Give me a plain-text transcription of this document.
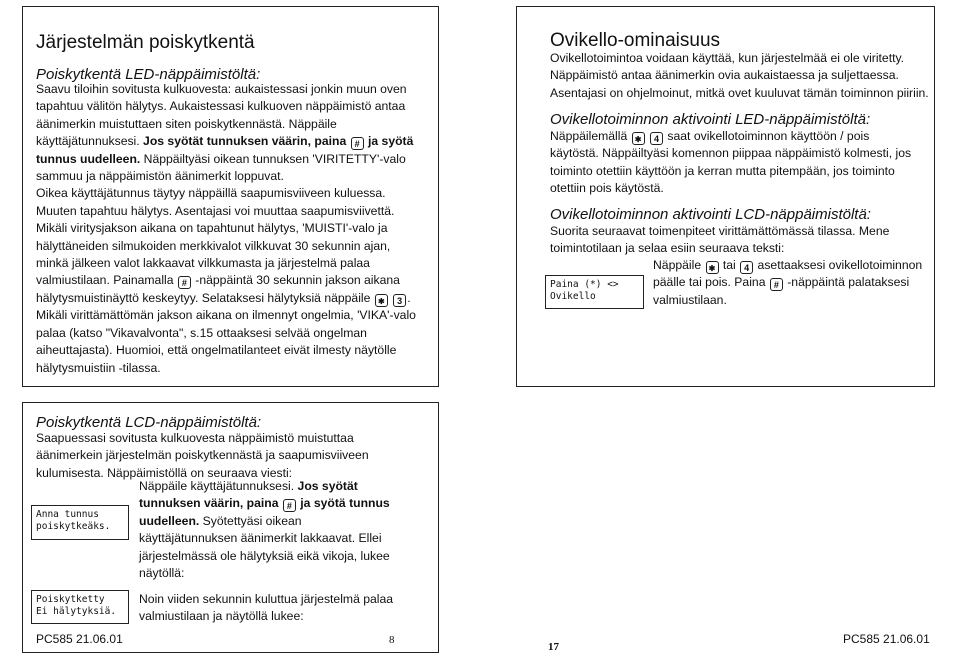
Järjestelmän poiskytkentä
Poiskytkentä LED-näppäimistöltä:
Saavu tiloihin sovitusta kulkuovesta: aukaistessasi jonkin muun oven tapahtuu välitön hälytys. Aukaistessasi kulkuoven näppäimistö antaa äänimerkin muistuttaen siten poiskytkennästä. Näppäile käyttäjätunnuksesi. Jos syötät tunnuksen väärin, paina # ja syötä tunnus uudelleen. Näppäiltyäsi oikean tunnuksen 'VIRITETTY'-valo sammuu ja näppäimistön äänimerkit loppuvat.
Oikea käyttäjätunnus täytyy näppäillä saapumisviiveen kuluessa. Muuten tapahtuu hälytys. Asentajasi voi muuttaa saapumisviivettä.
Mikäli viritysjakson aikana on tapahtunut hälytys, 'MUISTI'-valo ja hälyttäneiden silmukoiden merkkivalot vilkkuvat 30 sekunnin ajan, minkä jälkeen valot lakkaavat vilkkumasta ja järjestelmä palaa valmiustilaan. Painamalla # -näppäintä 30 sekunnin jakson aikana hälytysmuistinäyttö keskeytyy. Selataksesi hälytyksiä näppäile ✱ 3 .
Mikäli virittämättömän jakson aikana on ilmennyt ongelmia, 'VIKA'-valo palaa (katso "Vikavalvonta", s.15 ottaaksesi selvää ongelman aiheuttajasta). Huomioi, että ongelmatilanteet eivät ilmesty näytölle hälytysmuistiin -tilassa.
Poiskytkentä LCD-näppäimistöltä:
Saapuessasi sovitusta kulkuovesta näppäimistö muistuttaa äänimerkein järjestelmän poiskytkennästä ja saapumisviiveen kulumisesta. Näppäimistöllä on seuraava viesti:
Näppäile käyttäjätunnuksesi. Jos syötät tunnuksen väärin, paina # ja syötä tunnus uudelleen. Syötettyäsi oikean käyttäjätunnuksen äänimerkit lakkaavat. Ellei järjestelmässä ole hälytyksiä eikä vikoja, lukee näytöllä:
Anna tunnus
poiskytkeäks.
Poiskytketty
Ei hälytyksiä.
Noin viiden sekunnin kuluttua järjestelmä palaa valmiustilaan ja näytöllä lukee:
PC585 21.06.01	8
Ovikello-ominaisuus
Ovikellotoimintoa voidaan käyttää, kun järjestelmää ei ole viritetty. Näppäimistö antaa äänimerkin ovia aukaistaessa ja suljettaessa. Asentajasi on ohjelmoinut, mitkä ovet kuuluvat tämän toiminnon piiriin.
Ovikellotoiminnon aktivointi LED-näppäimistöltä:
Näppäilemällä ✱ 4 saat ovikellotoiminnon käyttöön / pois käytöstä. Näppäiltyäsi komennon piippaa näppäimistö kolmesti, jos toiminto otettiin käyttöön ja kerran mutta pitempään, jos toiminto otettiin pois käytöstä.
Ovikellotoiminnon aktivointi LCD-näppäimistöltä:
Suorita seuraavat toimenpiteet virittämättömässä tilassa. Mene toimintotilaan ja selaa esiin seuraava teksti:
Paina (*) <>
Ovikello
Näppäile ✱ tai 4 asettaaksesi ovikellotoiminnon päälle tai pois. Paina # -näppäintä palataksesi valmiustilaan.
17
PC585 21.06.01
